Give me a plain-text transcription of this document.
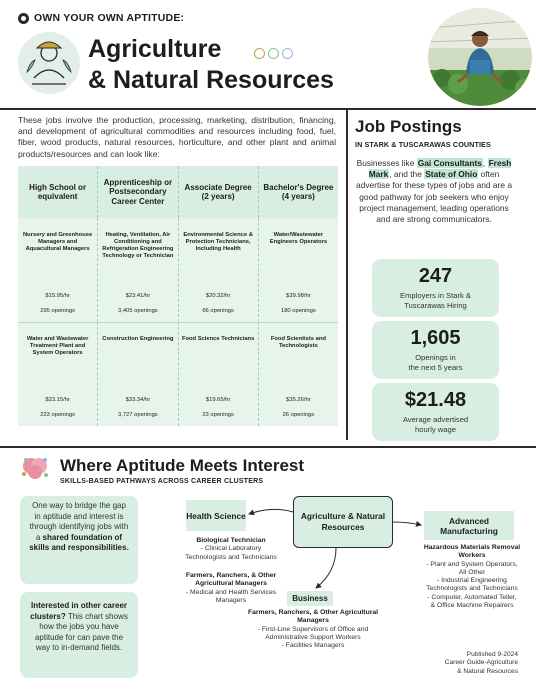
OWN YOUR OWN APTITUDE:
Agriculture
& Natural Resources

These jobs involve the production, processing, marketing, distribution, financing, and development of agricultural commodities and resources including food, fuel, fiber, wood products, natural resources, horticulture, and other plant and animal products/resources and can look like:

High School or equivalent
Apprenticeship or Postsecondary Career Center
Associate Degree (2 years)
Bachelor's Degree (4 years)
Nursery and Greenhouse Managers and Aquacultural Managers
$15.95/hr
295 openings
Heating, Ventilation, Air Conditioning and Refrigeration Engineering Technology or Technician
$23.41/hr
3,405 openings
Environmental Science & Protection Technicians, Including Health
$20.32/hr
66 openings
Water/Wastewater Engineers Operators
$39.98/hr
180 openings
Water and Wastewater Treatment Plant and System Operators
$23.15/hr
223 openings
Construction Engineering
$33.34/hr
3,727 openings
Food Science Technicians
$19.65/hr
23 openings
Food Scientists and Technologists
$35.26/hr
26 openings
Job Postings
IN STARK & TUSCARAWAS COUNTIES

Businesses like Gai Consultants, Fresh Mark, and the State of Ohio often advertise for these types of jobs and are a good pathway for job seekers who enjoy project management, leading operations and are strong communicators.

247
Employers in Stark &
Tuscarawas Hiring
1,605
Openings in
the next 5 years
$21.48
Average advertised
hourly wage
Where Aptitude Meets Interest
SKILLS-BASED PATHWAYS ACROSS CAREER CLUSTERS
One way to bridge the gap in aptitude and interest is through identifying jobs with a shared foundation of skills and responsibilities.
Interested in other career clusters? This chart shows how the jobs you have aptitude for can pave the way to in-demand fields.
Health Science	Agriculture & Natural Resources
Advanced Manufacturing
Business
Biological Technician
- Clinical Laboratory
Technologists and Technicians
Farmers, Ranchers, & Other Agricultural Managers
- Medical and Health Services
Managers
Hazardous Materials Removal Workers
- Plant and System Operators,
All Other
- Industrial Engineering
Technologists and Technicians
- Computer, Automated Teller,
& Office Machine Repairers
Farmers, Ranchers, & Other Agricultural Managers
- First-Line Supervisors of Office and
Administrative Support Workers
- Facilities Managers
Published 9-2024
Career Guide-Agriculture
& Natural Resources
